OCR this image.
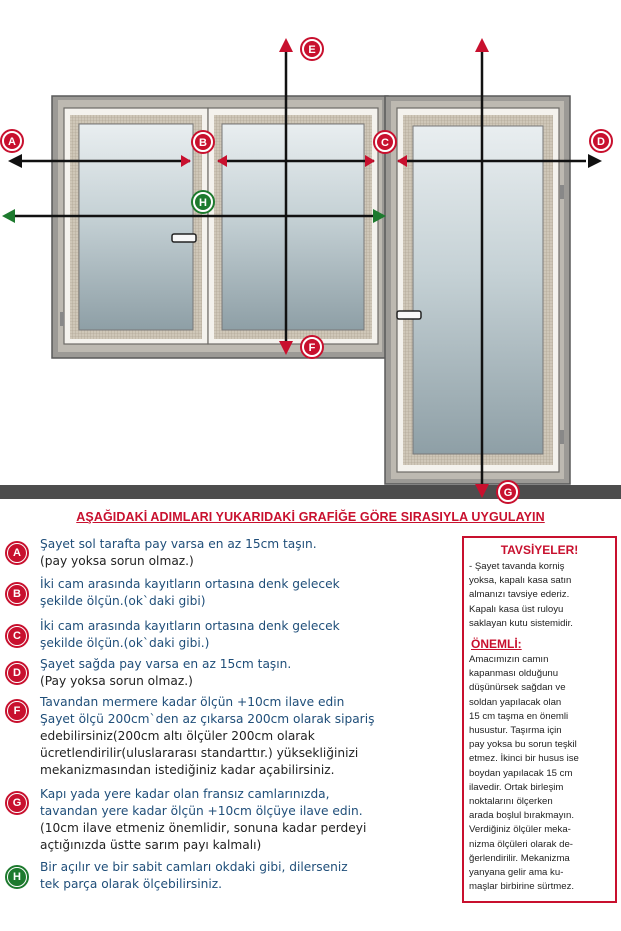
A	B	C	D
E
F
G
H
AŞAĞIDAKİ ADIMLARI YUKARIDAKİ GRAFİĞE GÖRE SIRASIYLA UYGULAYIN
A
Şayet sol tarafta pay varsa en az 15cm taşın.
(pay yoksa sorun olmaz.)
B
İki cam arasında kayıtların ortasına denk gelecek
şekilde ölçün.(ok`daki gibi)
C
İki cam arasında kayıtların ortasına denk gelecek
şekilde ölçün.(ok`daki gibi.)
D
Şayet sağda pay varsa en az 15cm taşın.
(Pay yoksa sorun olmaz.)
F
Tavandan mermere kadar ölçün +10cm ilave edin
Şayet ölçü 200cm`den az çıkarsa 200cm olarak sipariş
edebilirsiniz(200cm altı ölçüler 200cm olarak
ücretlendirilir(uluslararası standarttır.) yüksekliğinizi
mekanizmasından istediğiniz kadar açabilirsiniz.
G
Kapı yada yere kadar olan fransız camlarınızda,
tavandan yere kadar ölçün +10cm ölçüye ilave edin.
(10cm ilave etmeniz önemlidir, sonuna kadar perdeyi
açtığınızda üstte sarım payı kalmalı)
H
Bir açılır ve bir sabit camları okdaki gibi, dilerseniz
tek parça olarak ölçebilirsiniz.
TAVSİYELER!
- Şayet tavanda korniş
yoksa, kapalı kasa satın
almanızı tavsiye ederiz.
Kapalı kasa üst ruloyu
saklayan kutu sistemidir.
ÖNEMLİ:
Amacımızın camın
kapanması olduğunu
düşünürsek sağdan ve
soldan yapılacak olan
15 cm taşma en önemli
husustur. Taşırma için
pay yoksa bu sorun teşkil
etmez. İkinci bir husus ise
boydan yapılacak 15 cm
ilavedir. Ortak birleşim
noktalarını ölçerken
arada boşlul bırakmayın.
Verdiğiniz ölçüler meka-
nizma ölçüleri olarak de-
ğerlendirilir. Mekanizma
yanyana gelir ama ku-
maşlar birbirine sürtmez.
